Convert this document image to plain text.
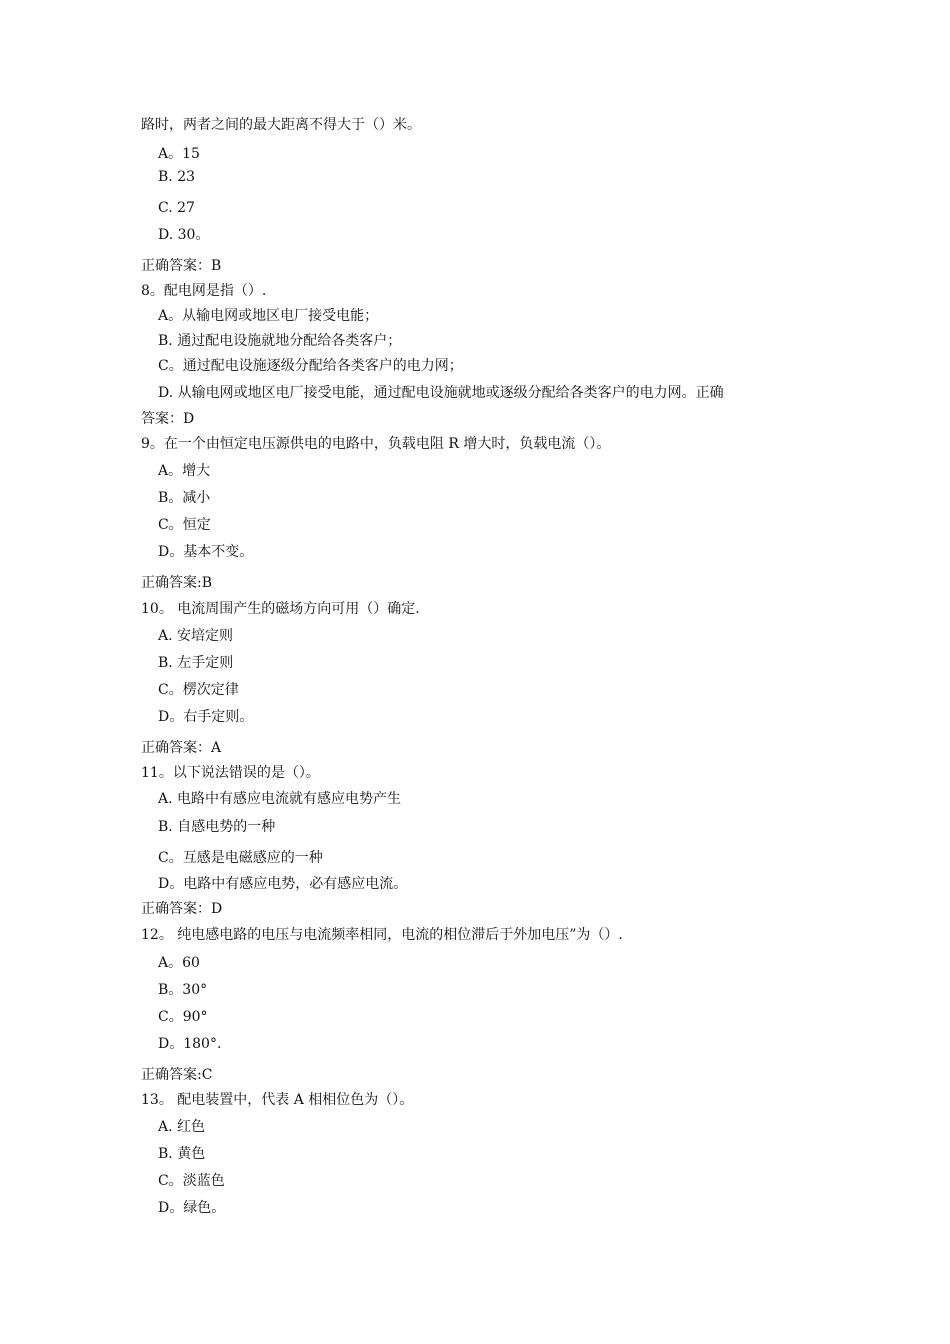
路时，两者之间的最大距离不得大于（）米。
A。15
B. 23
C. 27
D. 30。
正确答案：B
8。配电网是指（）.
A。从输电网或地区电厂接受电能；
B. 通过配电设施就地分配给各类客户；
C。通过配电设施逐级分配给各类客户的电力网；
D. 从输电网或地区电厂接受电能，通过配电设施就地或逐级分配给各类客户的电力网。正确
答案：D
9。在一个由恒定电压源供电的电路中，负载电阻 R 增大时，负载电流（）。
A。增大
B。减小
C。恒定
D。基本不变。
正确答案:B
10。 电流周围产生的磁场方向可用（）确定.
A. 安培定则
B. 左手定则
C。楞次定律
D。右手定则。
正确答案：A
11。以下说法错误的是（）。
A. 电路中有感应电流就有感应电势产生
B. 自感电势的一种
C。互感是电磁感应的一种
D。电路中有感应电势，必有感应电流。
正确答案：D
12。 纯电感电路的电压与电流频率相同，电流的相位滞后于外加电压”为（）.
A。60
B。30°
C。90°
D。180°.
正确答案:C
13。 配电装置中，代表 A 相相位色为（）。
A. 红色
B. 黄色
C。淡蓝色
D。绿色。
